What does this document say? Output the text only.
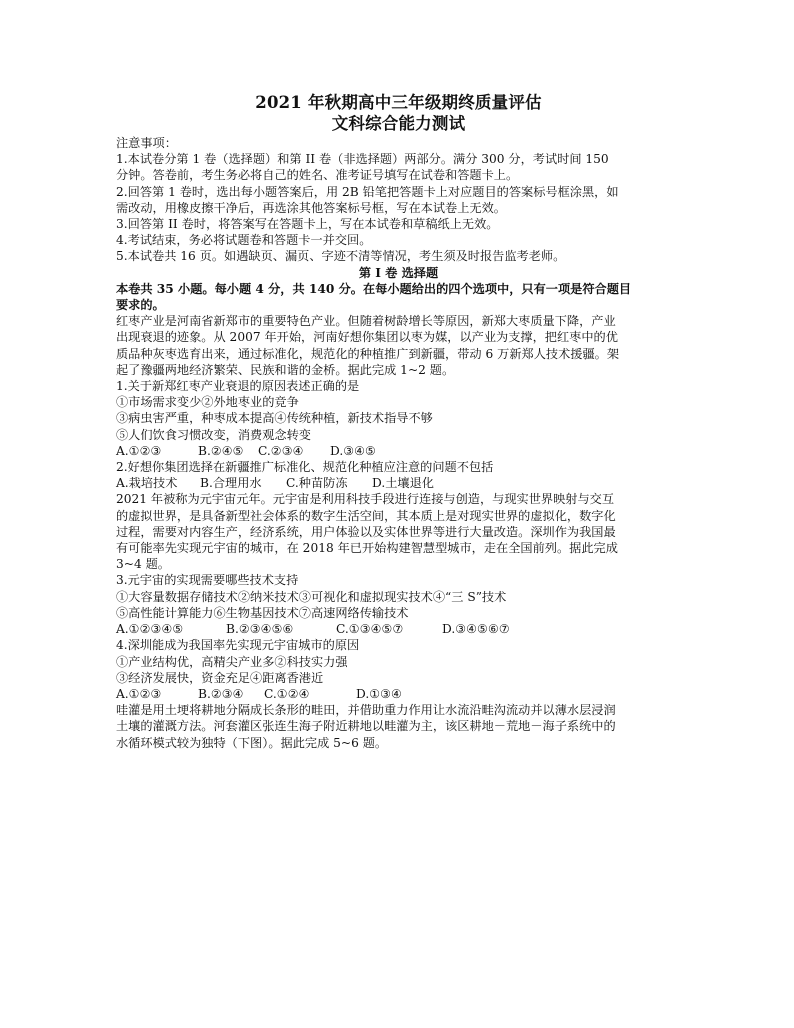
2021 年秋期高中三年级期终质量评估
文科综合能力测试
注意事项：
1.本试卷分第 1 卷（选择题）和第 II 卷（非选择题）两部分。满分 300 分，考试时间 150
分钟。答卷前，考生务必将自己的姓名、准考证号填写在试卷和答题卡上。
2.回答第 1 卷时，选出每小题答案后，用 2B 铅笔把答题卡上对应题目的答案标号框涂黑，如
需改动，用橡皮擦干净后，再选涂其他答案标号框，写在本试卷上无效。
3.回答第 II 卷时，将答案写在答题卡上，写在本试卷和草稿纸上无效。
4.考试结束，务必将试题卷和答题卡一并交回。
5.本试卷共 16 页。如遇缺页、漏页、字迹不清等情况，考生须及时报告监考老师。
第 I 卷 选择题
本卷共 35 小题。每小题 4 分，共 140 分。在每小题给出的四个选项中，只有一项是符合题目
要求的。
红枣产业是河南省新郑市的重要特色产业。但随着树龄增长等原因，新郑大枣质量下降，产业
出现衰退的迹象。从 2007 年开始，河南好想你集团以枣为媒，以产业为支撑，把红枣中的优
质品种灰枣选育出来，通过标准化，规范化的种植推广到新疆，带动 6 万新郑人技术援疆。架
起了豫疆两地经济繁荣、民族和谐的金桥。据此完成 1~2 题。
1.关于新郑红枣产业衰退的原因表述正确的是
①市场需求变少②外地枣业的竞争
③病虫害严重，种枣成本提高④传统种植，新技术指导不够
⑤人们饮食习惯改变，消费观念转变
A.①②③	B.②④⑤ C.②③④ D.③④⑤
2.好想你集团选择在新疆推广标准化、规范化种植应注意的问题不包括
A.栽培技术 B.合理用水 C.种苗防冻 D.土壤退化
2021 年被称为元宇宙元年。元宇宙是利用科技手段进行连接与创造，与现实世界映射与交互
的虚拟世界，是具备新型社会体系的数字生活空间，其本质上是对现实世界的虚拟化，数字化
过程，需要对内容生产，经济系统，用户体验以及实体世界等进行大量改造。深圳作为我国最
有可能率先实现元宇宙的城市，在 2018 年已开始构建智慧型城市，走在全国前列。据此完成
3~4 题。
3.元宇宙的实现需要哪些技术支持
①大容量数据存储技术②纳米技术③可视化和虚拟现实技术④“三 S”技术
⑤高性能计算能力⑥生物基因技术⑦高速网络传输技术
A.①②③④⑤	B.②③④⑤⑥	C.①③④⑤⑦	D.③④⑤⑥⑦
4.深圳能成为我国率先实现元宇宙城市的原因
①产业结构优，高精尖产业多②科技实力强
③经济发展快，资金充足④距离香港近
A.①②③	B.②③④ C.①②④	D.①③④
哇灌是用土埂将耕地分隔成长条形的畦田，并借助重力作用让水流沿畦沟流动并以薄水层浸润
土壤的灌溉方法。河套灌区张连生海子附近耕地以畦灌为主，该区耕地－荒地－海子系统中的
水循环模式较为独特（下图）。据此完成 5~6 题。
